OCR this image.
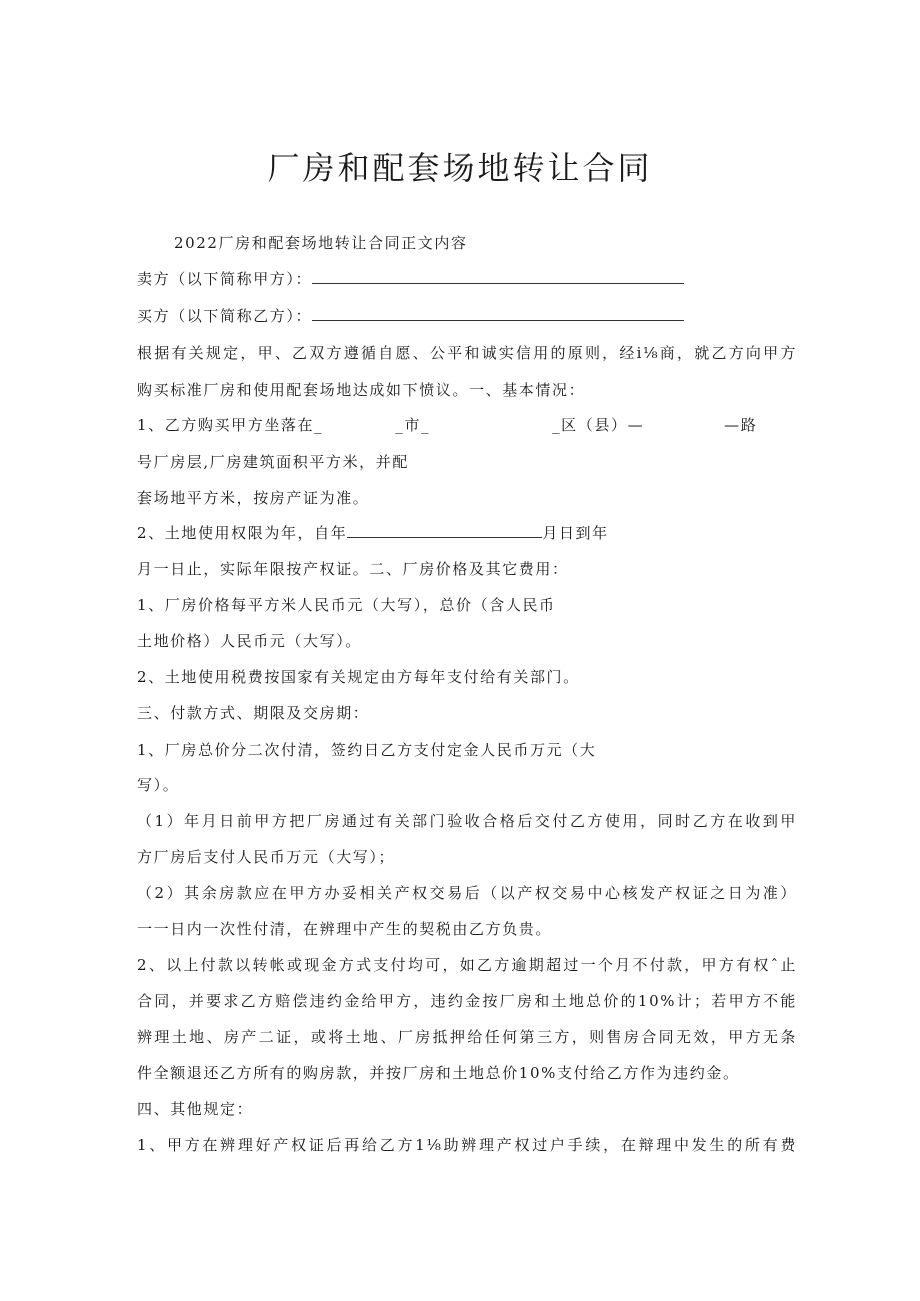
厂房和配套场地转让合同
2022厂房和配套场地转让合同正文内容
卖方（以下简称甲方）：
买方（以下简称乙方）：
根据有关规定，甲、乙双方遵循自愿、公平和诚实信用的原则，经i⅛商，就乙方向甲方
购买标准厂房和使用配套场地达成如下愤议。一、基本情况：
1、乙方购买甲方坐落在_	_市_	_区（县）—	—路
号厂房层,厂房建筑面积平方米，并配
套场地平方米，按房产证为准。
2、土地使用权限为年，自年	月日到年
月一日止，实际年限按产权证。二、厂房价格及其它费用：
1、厂房价格每平方米人民币元（大写），总价（含人民币
土地价格）人民币元（大写）。
2、土地使用税费按国家有关规定由方每年支付给有关部门。
三、付款方式、期限及交房期：
1、厂房总价分二次付清，签约日乙方支付定金人民币万元（大
写）。
（1）年月日前甲方把厂房通过有关部门验收合格后交付乙方使用，同时乙方在收到甲
方厂房后支付人民币万元（大写）；
（2）其余房款应在甲方办妥相关产权交易后（以产权交易中心核发产权证之日为准）
一一日内一次性付清，在辨理中产生的契税由乙方负贵。
2、以上付款以转帐或现金方式支付均可，如乙方逾期超过一个月不付款，甲方有权ˆ止
合同，并要求乙方赔偿违约金给甲方，违约金按厂房和土地总价的10%计；若甲方不能
辨理土地、房产二证，或将土地、厂房抵押给任何第三方，则售房合同无效，甲方无条
件全额退还乙方所有的购房款，并按厂房和土地总价10%支付给乙方作为违约金。
四、其他规定：
1、甲方在辨理好产权证后再给乙方1⅛助辨理产权过户手续，在辩理中发生的所有费
